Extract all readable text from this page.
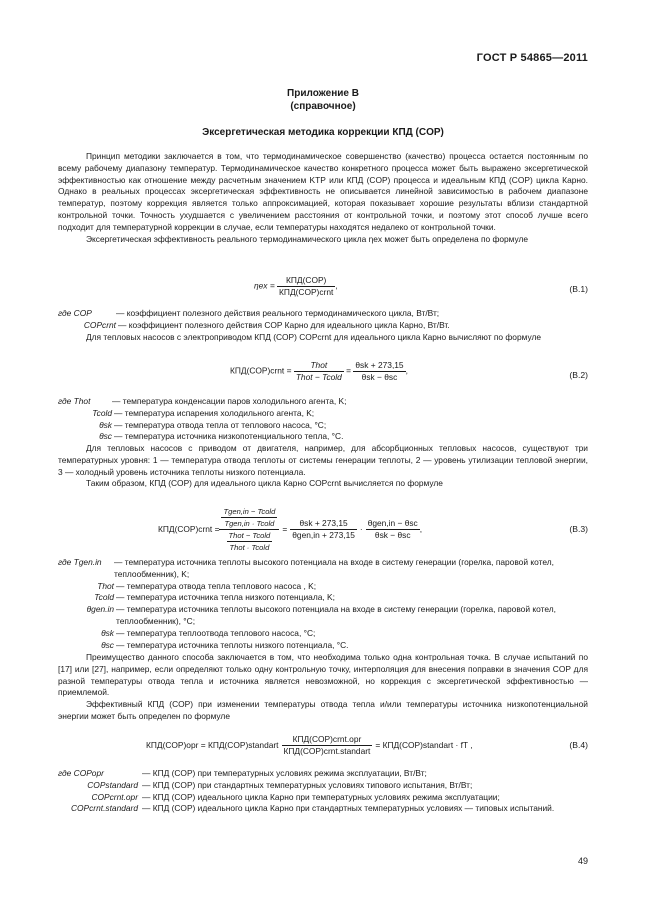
ГОСТ Р 54865—2011
Приложение В
(справочное)
Эксергетическая методика коррекции КПД (COP)

Принцип методики заключается в том, что термодинамическое совершенство (качество) процесса остается постоянным по всему рабочему диапазону температур. Термодинамическое качество конкретного процесса может быть выражено эксергетической эффективностью как отношение между расчетным значением KТР или КПД (COP) процесса и идеальным КПД (COP) цикла Карно. Однако в реальных процессах эксергетическая эффективность не описывается линейной зависимостью в рабочем диапазоне температур, поэтому коррекция является только аппроксимацией, которая показывает хорошие результаты вблизи стандартной контрольной точки. Точность ухудшается с увеличением расстояния от контрольной точки, и поэтому этот способ лучше всего подходит для температурной коррекции в случае, если температуры находятся недалеко от контрольной точки.

Эксергетическая эффективность реального термодинамического цикла ηex может быть определена по формуле

$\eta ex = \frac{\text{КПД(COP)}}{\text{КПД(COP)crnt}}$ ,	(В.1)
где COP	— коэффициент полезного действия реального термодинамического цикла, Вт/Вт;
COPcrnt — коэффициент полезного действия COP Карно для идеального цикла Карно, Вт/Вт.

Для тепловых насосов с электроприводом КПД (COP) COPcrnt для идеального цикла Карно вычисляют по формуле

КПД(COP)crnt = $\frac{\text{Thot}}{\text{Thot − Tcold}} = \frac{\text{θsk + 273,15}}{\text{θsk − θsc}}$ ,	(В.2)
где Thot	— температура конденсации паров холодильного агента, K;
Tcold — температура испарения холодильного агента, K;
θsk — температура отвода тепла от теплового насоса, °С;
θsc — температура источника низкопотенциального тепла, °С.

Для тепловых насосов с приводом от двигателя, например, для абсорбционных тепловых насосов, существуют три температурных уровня: 1 — температура отвода теплоты от системы генерации теплоты, 2 — уровень утилизации тепловой энергии, 3 — холодный уровень источника теплоты низкого потенциала.

Таким образом, КПД (COP) для идеального цикла Карно COPcrnt вычисляется по формуле

КПД(COP)crnt = $\frac{\frac{\text{Tgen,in − Tcold}}{\text{Tgen,in · Tcold}}}{\frac{\text{Thot − Tcold}}{\text{Thot · Tcold}}} = \frac{\text{θsk + 273,15}}{\text{θgen,in + 273,15}} \cdot \frac{\text{θgen,in − θsc}}{\text{θsk − θsc}}$ ,	(В.3)
где Tgen.in	— температура источника теплоты высокого потенциала на входе в систему генерации (горелка, паровой котел, теплообменник), K;
Thot — температура отвода тепла теплового насоса , K;
Tcold — температура источника тепла низкого потенциала, K;
θgen.in — температура источника теплоты высокого потенциала на входе в систему генерации (горелка, паровой котел, теплообменник), °С;
θsk — температура теплоотвода теплового насоса, °С;
θsc — температура источника теплоты низкого потенциала, °С.

Преимущество данного способа заключается в том, что необходима только одна контрольная точка. В случае испытаний по [17] или [27], например, если определяют только одну контрольную точку, интерполяция для внесения поправки в значения COP для разной температуры отвода тепла и источника является невозможной, но коррекция с эксергетической эффективностью — приемлемой.

Эффективный КПД (COP) при изменении температуры отвода тепла и/или температуры источника низкопотенциальной энергии может быть определен по формуле

КПД(COP)opr = КПД(COP)standart $\frac{\text{КПД(COP)crnt.opr}}{\text{КПД(COP)crnt.standart}}$ = КПД(COP)standart · fT ,	(В.4)
где COPopr	— КПД (COP) при температурных условиях режима эксплуатации, Вт/Вт;
COPstandard — КПД (COP) при стандартных температурных условиях типового испытания, Вт/Вт;
COPcrnt.opr — КПД (COP) идеального цикла Карно при температурных условиях режима эксплуатации;
COPcrnt.standard — КПД (COP) идеального цикла Карно при стандартных температурных условиях — типовых испытаний.
49
